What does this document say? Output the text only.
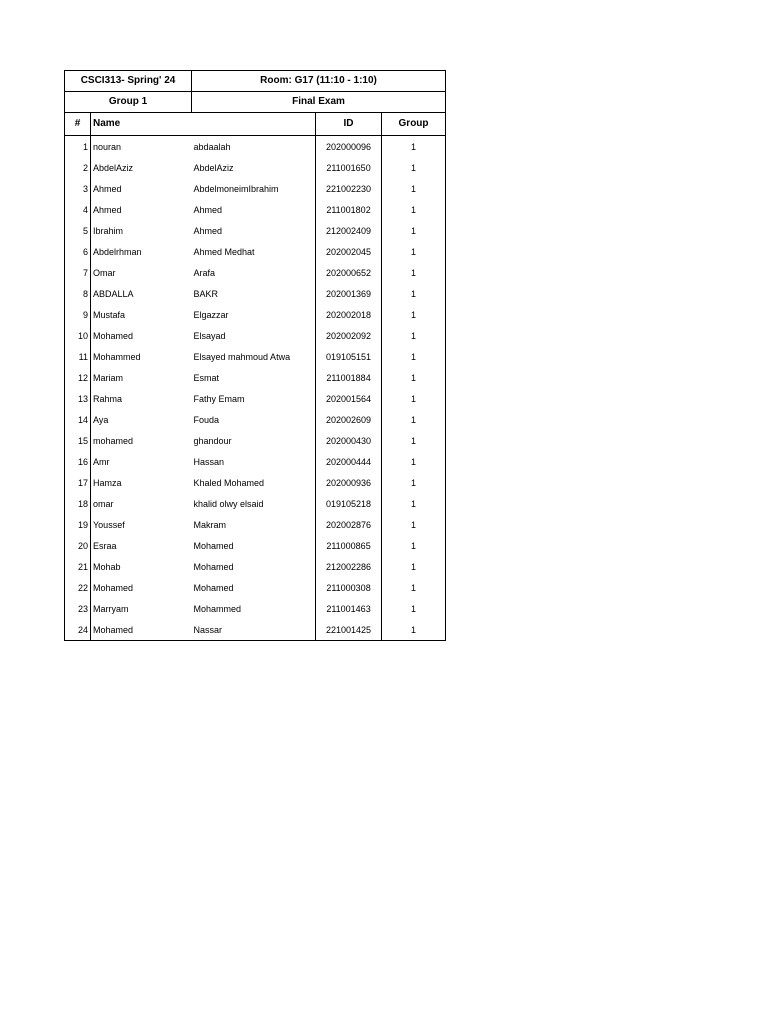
CSCI313- Spring' 24		Room: G17 (11:10 - 1:10)		
Group 1		Final Exam		
#	Name		ID	Group
1	nouran	abdaalah	202000096	1
2	AbdelAziz	AbdelAziz	211001650	1
3	Ahmed	AbdelmoneimIbrahim	221002230	1
4	Ahmed	Ahmed	211001802	1
5	Ibrahim	Ahmed	212002409	1
6	Abdelrhman	Ahmed Medhat	202002045	1
7	Omar	Arafa	202000652	1
8	ABDALLA	BAKR	202001369	1
9	Mustafa	Elgazzar	202002018	1
10	Mohamed	Elsayad	202002092	1
11	Mohammed	Elsayed mahmoud Atwa	019105151	1
12	Mariam	Esmat	211001884	1
13	Rahma	Fathy Emam	202001564	1
14	Aya	Fouda	202002609	1
15	mohamed	ghandour	202000430	1
16	Amr	Hassan	202000444	1
17	Hamza	Khaled Mohamed	202000936	1
18	omar	khalid olwy elsaid	019105218	1
19	Youssef	Makram	202002876	1
20	Esraa	Mohamed	211000865	1
21	Mohab	Mohamed	212002286	1
22	Mohamed	Mohamed	211000308	1
23	Marryam	Mohammed	211001463	1
24	Mohamed	Nassar	221001425	1
